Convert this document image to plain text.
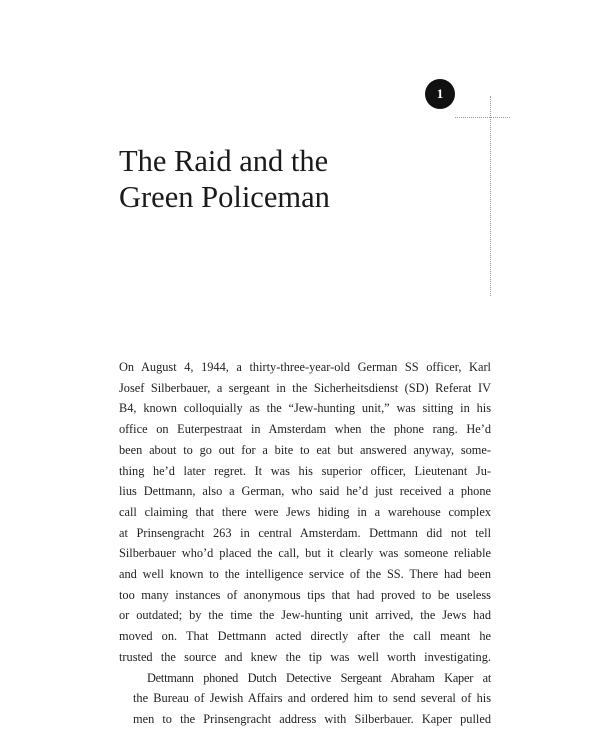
1
The Raid and the
Green Policeman

On August 4, 1944, a thirty-three-year-old German SS officer, Karl
Josef Silberbauer, a sergeant in the Sicherheitsdienst (SD) Referat IV
B4, known colloquially as the “Jew-hunting unit,” was sitting in his
office on Euterpestraat in Amsterdam when the phone rang. He’d
been about to go out for a bite to eat but answered anyway, some-
thing he’d later regret. It was his superior officer, Lieutenant Ju-
lius Dettmann, also a German, who said he’d just received a phone
call claiming that there were Jews hiding in a warehouse complex
at Prinsengracht 263 in central Amsterdam. Dettmann did not tell
Silberbauer who’d placed the call, but it clearly was someone reliable
and well known to the intelligence service of the SS. There had been
too many instances of anonymous tips that had proved to be useless
or outdated; by the time the Jew-hunting unit arrived, the Jews had
moved on. That Dettmann acted directly after the call meant he
trusted the source and knew the tip was well worth investigating.

Dettmann phoned Dutch Detective Sergeant Abraham Kaper at
the Bureau of Jewish Affairs and ordered him to send several of his
men to the Prinsengracht address with Silberbauer. Kaper pulled
